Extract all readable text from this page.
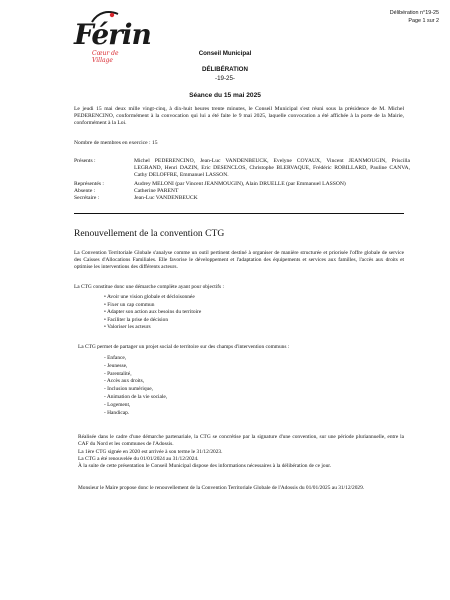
Férin
Cœur de Village
Délibération n°19-25
Page 1 sur 2
Conseil Municipal
DÉLIBÉRATION
-19-25-
Séance du 15 mai 2025
Le jeudi 15 mai deux mille vingt-cinq, à dix-huit heures trente minutes, le Conseil Municipal s'est réuni sous la présidence de M. Michel PEDERENCINO, conformément à la convocation qui lui a été faite le 9 mai 2025, laquelle convocation a été affichée à la porte de la Mairie, conformément à la Loi.
Nombre de membres en exercice : 15
Présents :	Michel PEDERENCINO, Jean-Luc VANDENBEUCK, Evelyne COYAUX, Vincent JEANMOUGIN, Priscilla LEGRAND, Henri DAZIN, Eric DESENCLOS, Christophe BLERVAQUE, Frédéric ROBILLARD, Pauline CANVA, Cathy DELOFFRE, Emmanuel LASSON.
Représentés :	Audrey MELONI (par Vincent JEANMOUGIN), Alain DRUELLE (par Emmanuel LASSON)
Absente :	Catherine PARENT
Secrétaire :	Jean-Luc VANDENBEUCK
Renouvellement de la convention CTG
La Convention Territoriale Globale s'analyse comme un outil pertinent destiné à organiser de manière structurée et priorisée l'offre globale de service des Caisses d'Allocations Familiales. Elle favorise le développement et l'adaptation des équipements et services aux familles, l'accès aux droits et optimise les interventions des différents acteurs.
La CTG constitue donc une démarche complète ayant pour objectifs :
• Avoir une vision globale et décloisonnée
• Fixer un cap commun
• Adapter son action aux besoins du territoire
• Faciliter la prise de décision
• Valoriser les acteurs
La CTG permet de partager un projet social de territoire sur des champs d'intervention communs :
- Enfance,
- Jeunesse,
- Parentalité,
- Accès aux droits,
- Inclusion numérique,
- Animation de la vie sociale,
- Logement,
- Handicap.
Réalisée dans le cadre d'une démarche partenariale, la CTG se concrétise par la signature d'une convention, sur une période pluriannuelle, entre la CAF du Nord et les communes de l'Adossis.
La 1ère CTG signée en 2020 est arrivée à son terme le 31/12/2023.
La CTG a été renouvelée du 01/01/2024 au 31/12/2024.
À la suite de cette présentation le Conseil Municipal dispose des informations nécessaires à la délibération de ce jour.
Monsieur le Maire propose donc le renouvellement de la Convention Territoriale Globale de l'Adossis du 01/01/2025 au 31/12/2029.
